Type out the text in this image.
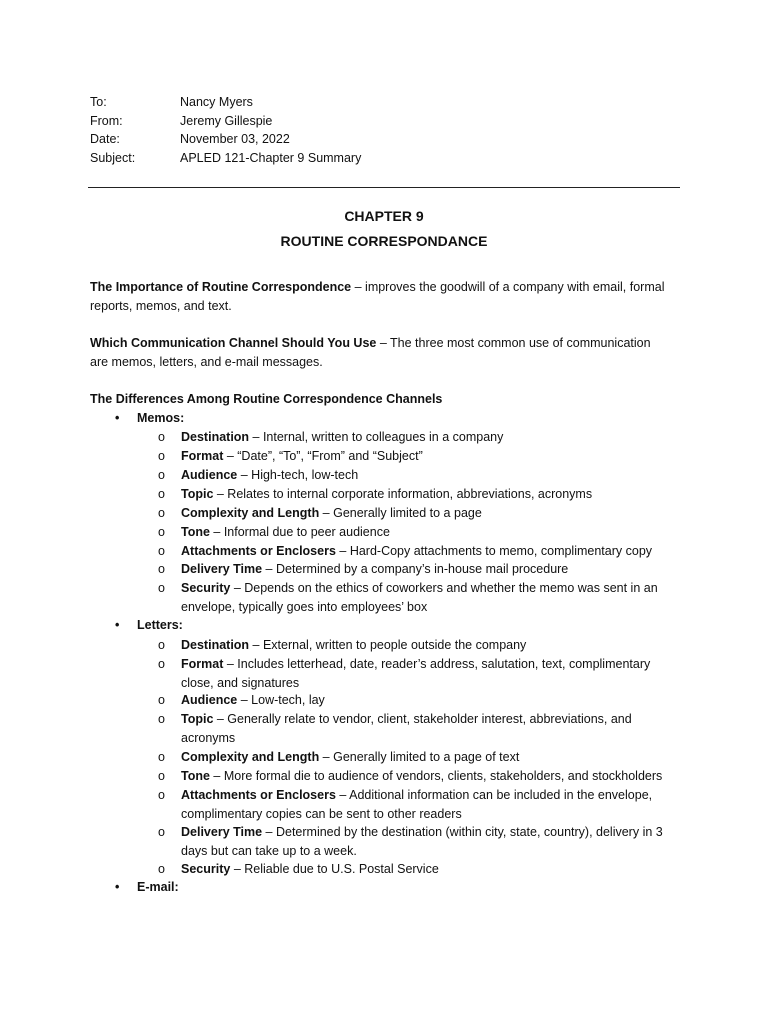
To:	Nancy Myers
From:	Jeremy Gillespie
Date:	November 03, 2022
Subject:	APLED 121-Chapter 9 Summary
CHAPTER 9
ROUTINE CORRESPONDANCE
The Importance of Routine Correspondence – improves the goodwill of a company with email, formal reports, memos, and text.
Which Communication Channel Should You Use – The three most common use of communication are memos, letters, and e-mail messages.
The Differences Among Routine Correspondence Channels
• Memos:
o Destination – Internal, written to colleagues in a company
o Format – “Date”, “To”, “From” and “Subject”
o Audience – High-tech, low-tech
o Topic – Relates to internal corporate information, abbreviations, acronyms
o Complexity and Length – Generally limited to a page
o Tone – Informal due to peer audience
o Attachments or Enclosers – Hard-Copy attachments to memo, complimentary copy
o Delivery Time – Determined by a company’s in-house mail procedure
o Security – Depends on the ethics of coworkers and whether the memo was sent in an envelope, typically goes into employees’ box
• Letters:
o Destination – External, written to people outside the company
o Format – Includes letterhead, date, reader’s address, salutation, text, complimentary close, and signatures
o Audience – Low-tech, lay
o Topic – Generally relate to vendor, client, stakeholder interest, abbreviations, and acronyms
o Complexity and Length – Generally limited to a page of text
o Tone – More formal die to audience of vendors, clients, stakeholders, and stockholders
o Attachments or Enclosers – Additional information can be included in the envelope, complimentary copies can be sent to other readers
o Delivery Time – Determined by the destination (within city, state, country), delivery in 3 days but can take up to a week.
o Security – Reliable due to U.S. Postal Service
• E-mail:
